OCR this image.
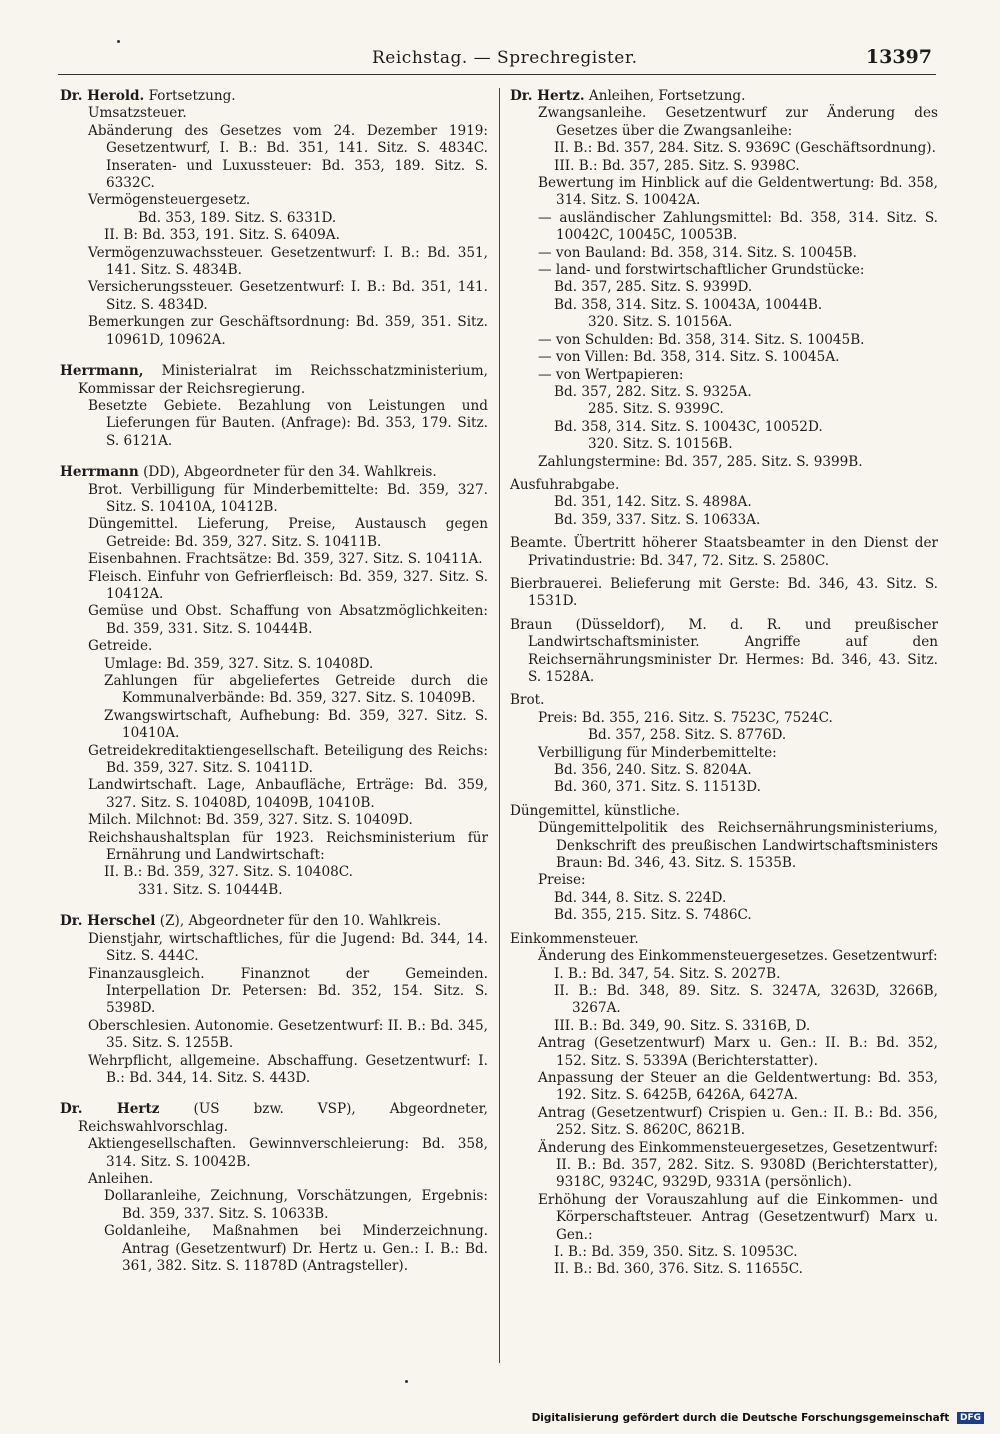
Reichstag. — Sprechregister.	13397
Dr. Herold. Fortsetzung.
Umsatzsteuer.
Abänderung des Gesetzes vom 24. Dezember 1919: Gesetzentwurf, I. B.: Bd. 351, 141. Sitz. S. 4834C. Inseraten- und Luxussteuer: Bd. 353, 189. Sitz. S. 6332C.
Vermögensteuergesetz.
Bd. 353, 189. Sitz. S. 6331D.
II. B: Bd. 353, 191. Sitz. S. 6409A.
Vermögenzuwachssteuer. Gesetzentwurf: I. B.: Bd. 351, 141. Sitz. S. 4834B.
Versicherungssteuer. Gesetzentwurf: I. B.: Bd. 351, 141. Sitz. S. 4834D.
Bemerkungen zur Geschäftsordnung: Bd. 359, 351. Sitz. 10961D, 10962A.
Herrmann, Ministerialrat im Reichsschatzministerium, Kommissar der Reichsregierung.
Besetzte Gebiete. Bezahlung von Leistungen und Lieferungen für Bauten. (Anfrage): Bd. 353, 179. Sitz. S. 6121A.
Herrmann (DD), Abgeordneter für den 34. Wahlkreis.
Brot. Verbilligung für Minderbemittelte: Bd. 359, 327. Sitz. S. 10410A, 10412B.
Düngemittel. Lieferung, Preise, Austausch gegen Getreide: Bd. 359, 327. Sitz. S. 10411B.
Eisenbahnen. Frachtsätze: Bd. 359, 327. Sitz. S. 10411A.
Fleisch. Einfuhr von Gefrierfleisch: Bd. 359, 327. Sitz. S. 10412A.
Gemüse und Obst. Schaffung von Absatzmöglichkeiten: Bd. 359, 331. Sitz. S. 10444B.
Getreide.
Umlage: Bd. 359, 327. Sitz. S. 10408D.
Zahlungen für abgeliefertes Getreide durch die Kommunalverbände: Bd. 359, 327. Sitz. S. 10409B.
Zwangswirtschaft, Aufhebung: Bd. 359, 327. Sitz. S. 10410A.
Getreidekreditaktiengesellschaft. Beteiligung des Reichs: Bd. 359, 327. Sitz. S. 10411D.
Landwirtschaft. Lage, Anbaufläche, Erträge: Bd. 359, 327. Sitz. S. 10408D, 10409B, 10410B.
Milch. Milchnot: Bd. 359, 327. Sitz. S. 10409D.
Reichshaushaltsplan für 1923. Reichsministerium für Ernährung und Landwirtschaft:
II. B.: Bd. 359, 327. Sitz. S. 10408C.
331. Sitz. S. 10444B.
Dr. Herschel (Z), Abgeordneter für den 10. Wahlkreis.
Dienstjahr, wirtschaftliches, für die Jugend: Bd. 344, 14. Sitz. S. 444C.
Finanzausgleich. Finanznot der Gemeinden. Interpellation Dr. Petersen: Bd. 352, 154. Sitz. S. 5398D.
Oberschlesien. Autonomie. Gesetzentwurf: II. B.: Bd. 345, 35. Sitz. S. 1255B.
Wehrpflicht, allgemeine. Abschaffung. Gesetzentwurf: I. B.: Bd. 344, 14. Sitz. S. 443D.
Dr. Hertz (US bzw. VSP), Abgeordneter, Reichswahlvorschlag.
Aktiengesellschaften. Gewinnverschleierung: Bd. 358, 314. Sitz. S. 10042B.
Anleihen.
Dollaranleihe, Zeichnung, Vorschätzungen, Ergebnis: Bd. 359, 337. Sitz. S. 10633B.
Goldanleihe, Maßnahmen bei Minderzeichnung. Antrag (Gesetzentwurf) Dr. Hertz u. Gen.: I. B.: Bd. 361, 382. Sitz. S. 11878D (Antragsteller).
Dr. Hertz. Anleihen, Fortsetzung.
Zwangsanleihe. Gesetzentwurf zur Änderung des Gesetzes über die Zwangsanleihe:
II. B.: Bd. 357, 284. Sitz. S. 9369C (Geschäftsordnung).
III. B.: Bd. 357, 285. Sitz. S. 9398C.
Bewertung im Hinblick auf die Geldentwertung: Bd. 358, 314. Sitz. S. 10042A.
— ausländischer Zahlungsmittel: Bd. 358, 314. Sitz. S. 10042C, 10045C, 10053B.
— von Bauland: Bd. 358, 314. Sitz. S. 10045B.
— land- und forstwirtschaftlicher Grundstücke:
Bd. 357, 285. Sitz. S. 9399D.
Bd. 358, 314. Sitz. S. 10043A, 10044B.
320. Sitz. S. 10156A.
— von Schulden: Bd. 358, 314. Sitz. S. 10045B.
— von Villen: Bd. 358, 314. Sitz. S. 10045A.
— von Wertpapieren:
Bd. 357, 282. Sitz. S. 9325A.
285. Sitz. S. 9399C.
Bd. 358, 314. Sitz. S. 10043C, 10052D.
320. Sitz. S. 10156B.
Zahlungstermine: Bd. 357, 285. Sitz. S. 9399B.
Ausfuhrabgabe.
Bd. 351, 142. Sitz. S. 4898A.
Bd. 359, 337. Sitz. S. 10633A.
Beamte. Übertritt höherer Staatsbeamter in den Dienst der Privatindustrie: Bd. 347, 72. Sitz. S. 2580C.
Bierbrauerei. Belieferung mit Gerste: Bd. 346, 43. Sitz. S. 1531D.
Braun (Düsseldorf), M. d. R. und preußischer Landwirtschaftsminister. Angriffe auf den Reichsernährungsminister Dr. Hermes: Bd. 346, 43. Sitz. S. 1528A.
Brot.
Preis: Bd. 355, 216. Sitz. S. 7523C, 7524C.
Bd. 357, 258. Sitz. S. 8776D.
Verbilligung für Minderbemittelte:
Bd. 356, 240. Sitz. S. 8204A.
Bd. 360, 371. Sitz. S. 11513D.
Düngemittel, künstliche.
Düngemittelpolitik des Reichsernährungsministeriums, Denkschrift des preußischen Landwirtschaftsministers Braun: Bd. 346, 43. Sitz. S. 1535B.
Preise:
Bd. 344, 8. Sitz. S. 224D.
Bd. 355, 215. Sitz. S. 7486C.
Einkommensteuer.
Änderung des Einkommensteuergesetzes. Gesetzentwurf:
I. B.: Bd. 347, 54. Sitz. S. 2027B.
II. B.: Bd. 348, 89. Sitz. S. 3247A, 3263D, 3266B, 3267A.
III. B.: Bd. 349, 90. Sitz. S. 3316B, D.
Antrag (Gesetzentwurf) Marx u. Gen.: II. B.: Bd. 352, 152. Sitz. S. 5339A (Berichterstatter).
Anpassung der Steuer an die Geldentwertung: Bd. 353, 192. Sitz. S. 6425B, 6426A, 6427A.
Antrag (Gesetzentwurf) Crispien u. Gen.: II. B.: Bd. 356, 252. Sitz. S. 8620C, 8621B.
Änderung des Einkommensteuergesetzes, Gesetzentwurf: II. B.: Bd. 357, 282. Sitz. S. 9308D (Berichterstatter), 9318C, 9324C, 9329D, 9331A (persönlich).
Erhöhung der Vorauszahlung auf die Einkommen- und Körperschaftsteuer. Antrag (Gesetzentwurf) Marx u. Gen.:
I. B.: Bd. 359, 350. Sitz. S. 10953C.
II. B.: Bd. 360, 376. Sitz. S. 11655C.
Digitalisierung gefördert durch die Deutsche Forschungsgemeinschaft DFG
